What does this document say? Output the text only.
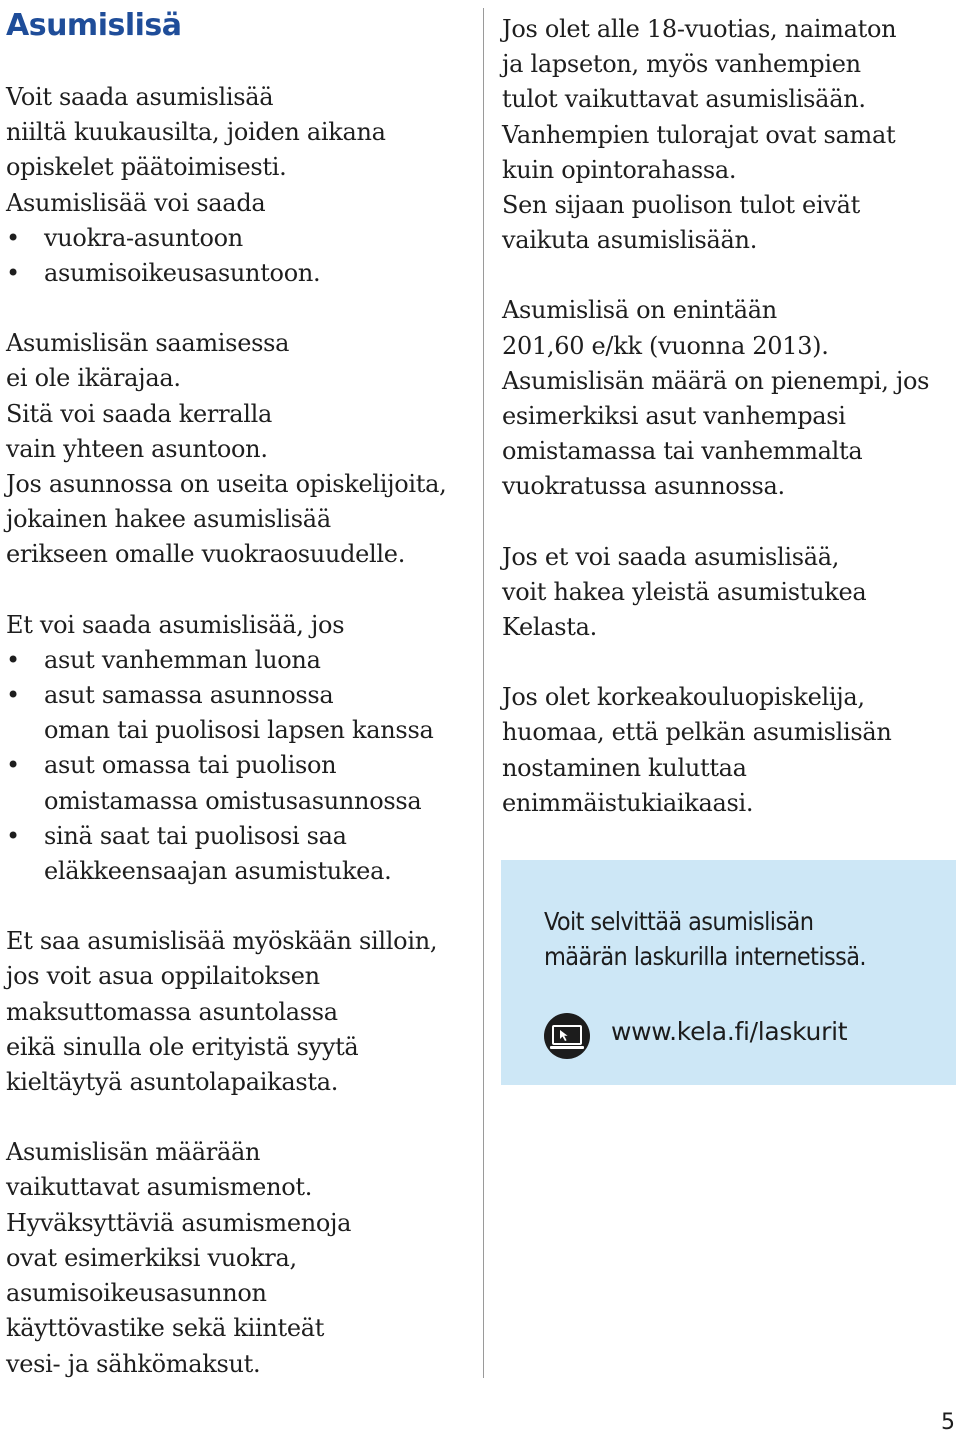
Asumislisä
Voit saada asumislisää
niiltä kuukausilta, joiden aikana
opiskelet päätoimisesti.
Asumislisää voi saada
• vuokra-asuntoon
• asumisoikeusasuntoon.
Asumislisän saamisessa
ei ole ikärajaa.
Sitä voi saada kerralla
vain yhteen asuntoon.
Jos asunnossa on useita opiskelijoita,
jokainen hakee asumislisää
erikseen omalle vuokraosuudelle.
Et voi saada asumislisää, jos
• asut vanhemman luona
• asut samassa asunnossa
oman tai puolisosi lapsen kanssa
• asut omassa tai puolison
omistamassa omistusasunnossa
• sinä saat tai puolisosi saa
eläkkeensaajan asumistukea.
Et saa asumislisää myöskään silloin,
jos voit asua oppilaitoksen
maksuttomassa asuntolassa
eikä sinulla ole erityistä syytä
kieltäytyä asuntolapaikasta.
Asumislisän määrään
vaikuttavat asumismenot.
Hyväksyttäviä asumismenoja
ovat esimerkiksi vuokra,
asumisoikeusasunnon
käyttövastike sekä kiinteät
vesi- ja sähkömaksut.
Jos olet alle 18-vuotias, naimaton
ja lapseton, myös vanhempien
tulot vaikuttavat asumislisään.
Vanhempien tulorajat ovat samat
kuin opintorahassa.
Sen sijaan puolison tulot eivät
vaikuta asumislisään.
Asumislisä on enintään
201,60 e/kk (vuonna 2013).
Asumislisän määrä on pienempi, jos
esimerkiksi asut vanhempasi
omistamassa tai vanhemmalta
vuokratussa asunnossa.
Jos et voi saada asumislisää,
voit hakea yleistä asumistukea
Kelasta.
Jos olet korkeakouluopiskelija,
huomaa, että pelkän asumislisän
nostaminen kuluttaa
enimmäistukiaikaasi.
Voit selvittää asumislisän
määrän laskurilla internetissä.
www.kela.fi/laskurit
5
